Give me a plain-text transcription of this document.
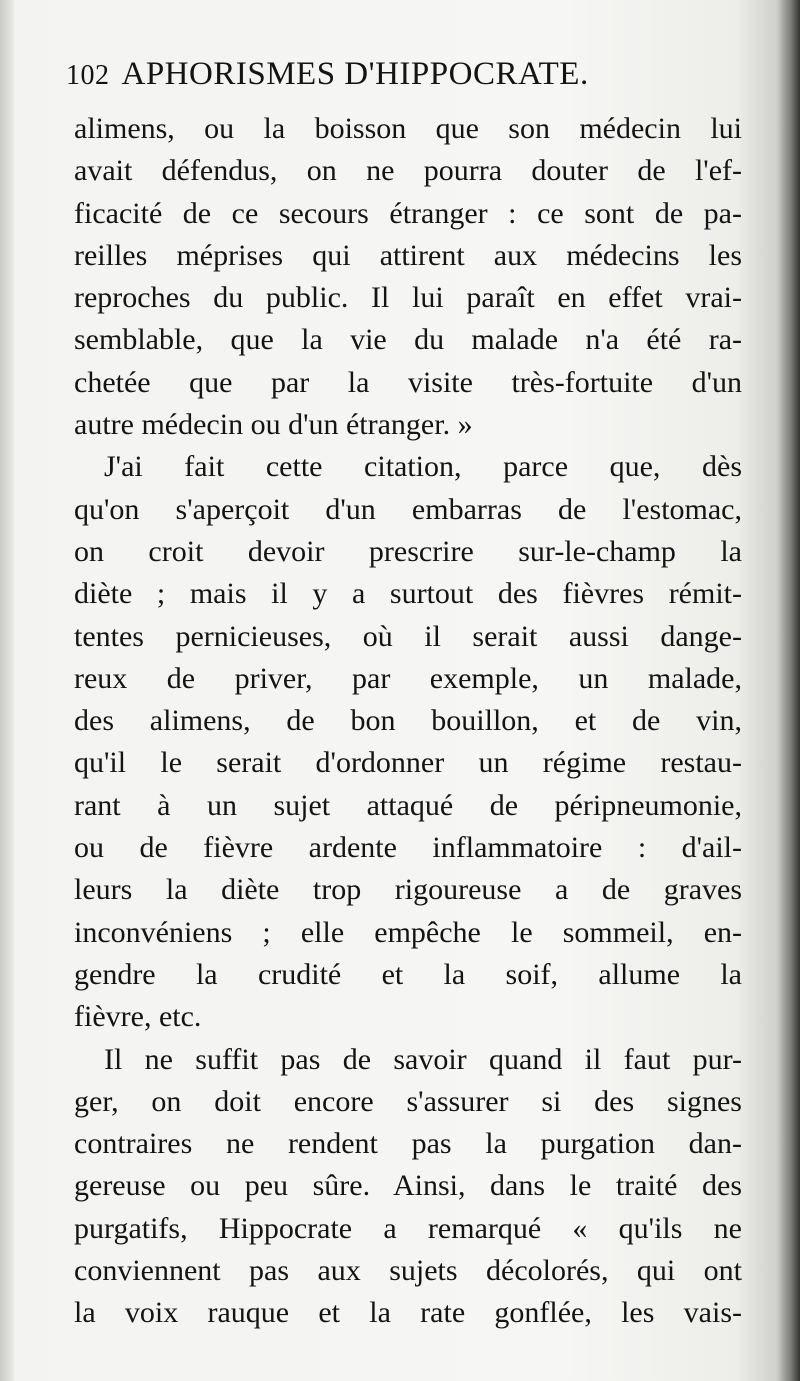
102 APHORISMES D'HIPPOCRATE.
alimens, ou la boisson que son médecin lui
avait défendus, on ne pourra douter de l'ef-
ficacité de ce secours étranger : ce sont de pa-
reilles méprises qui attirent aux médecins les
reproches du public. Il lui paraît en effet vrai-
semblable, que la vie du malade n'a été ra-
chetée que par la visite très-fortuite d'un
autre médecin ou d'un étranger. »
J'ai fait cette citation, parce que, dès
qu'on s'aperçoit d'un embarras de l'estomac,
on croit devoir prescrire sur-le-champ la
diète ; mais il y a surtout des fièvres rémit-
tentes pernicieuses, où il serait aussi dange-
reux de priver, par exemple, un malade,
des alimens, de bon bouillon, et de vin,
qu'il le serait d'ordonner un régime restau-
rant à un sujet attaqué de péripneumonie,
ou de fièvre ardente inflammatoire : d'ail-
leurs la diète trop rigoureuse a de graves
inconvéniens ; elle empêche le sommeil, en-
gendre la crudité et la soif, allume la
fièvre, etc.
Il ne suffit pas de savoir quand il faut pur-
ger, on doit encore s'assurer si des signes
contraires ne rendent pas la purgation dan-
gereuse ou peu sûre. Ainsi, dans le traité des
purgatifs, Hippocrate a remarqué « qu'ils ne
conviennent pas aux sujets décolorés, qui ont
la voix rauque et la rate gonflée, les vais-
